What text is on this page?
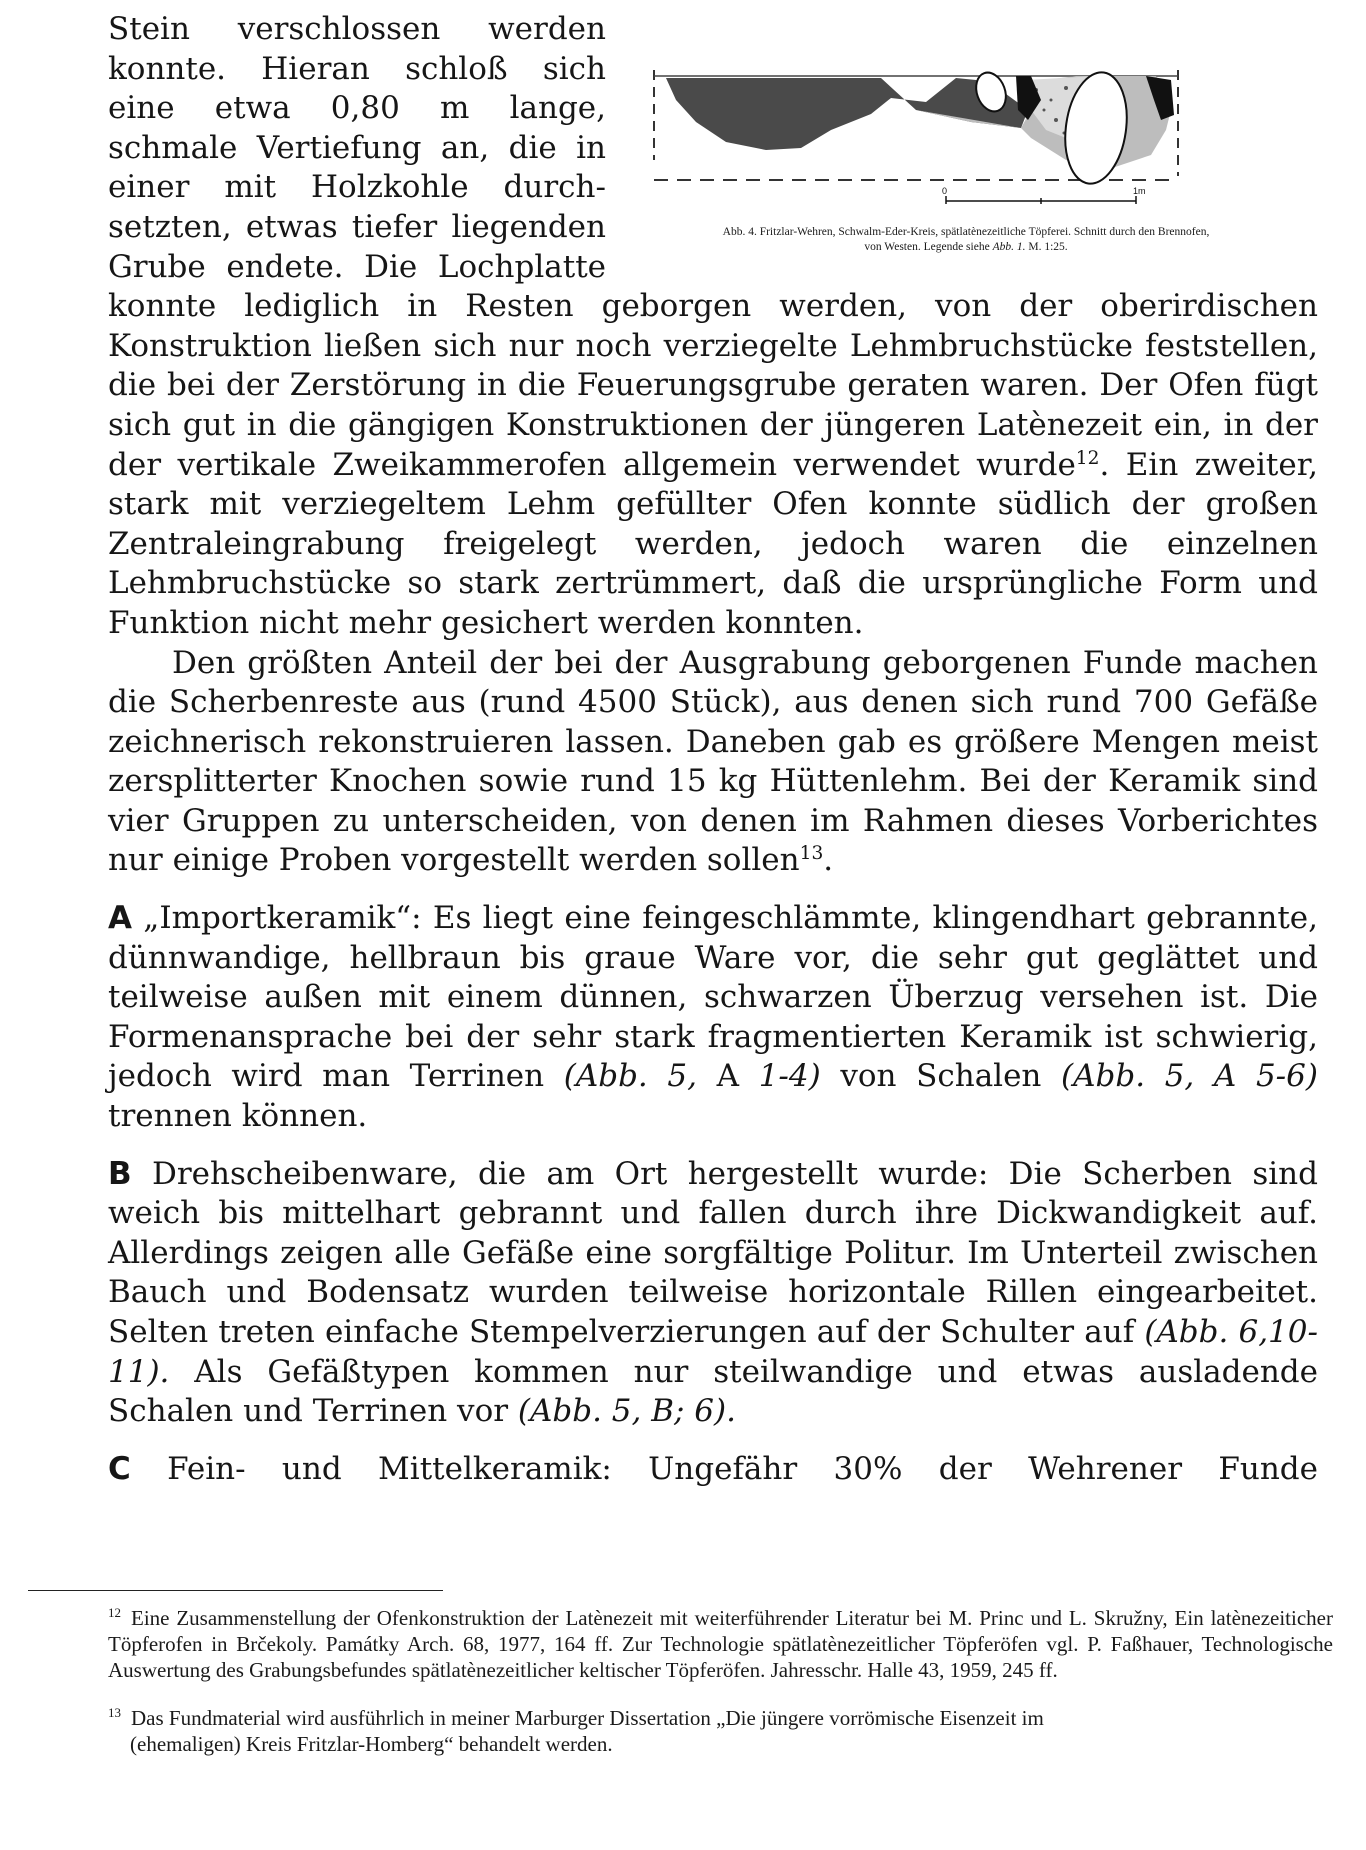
0	1m
Abb. 4. Fritzlar-Wehren, Schwalm-Eder-Kreis, spätlatènezeitliche Töpferei. Schnitt durch den Brennofen,
von Westen. Legende siehe Abb. 1. M. 1:25.

Stein verschlossen werden konnte. Hieran schloß sich eine etwa 0,80 m lange, schmale Vertiefung an, die in einer mit Holzkohle durchsetzten, etwas tiefer liegenden Grube endete. Die Lochplatte konnte lediglich in Resten geborgen werden, von der oberirdischen Konstruktion ließen sich nur noch verziegelte Lehmbruchstücke feststellen, die bei der Zerstörung in die Feuerungsgrube geraten waren. Der Ofen fügt sich gut in die gängigen Konstruktionen der jüngeren Latènezeit ein, in der der vertikale Zweikammerofen allgemein verwendet wurde$^{12}$. Ein zweiter, stark mit verziegeltem Lehm gefüllter Ofen konnte südlich der großen Zentraleingrabung freigelegt werden, jedoch waren die einzelnen Lehmbruchstücke so stark zertrümmert, daß die ursprüngliche Form und Funktion nicht mehr gesichert werden konnten.

Den größten Anteil der bei der Ausgrabung geborgenen Funde machen die Scherbenreste aus (rund 4500 Stück), aus denen sich rund 700 Gefäße zeichnerisch rekonstruieren lassen. Daneben gab es größere Mengen meist zersplitterter Knochen sowie rund 15 kg Hüttenlehm. Bei der Keramik sind vier Gruppen zu unterscheiden, von denen im Rahmen dieses Vorberichtes nur einige Proben vorgestellt werden sollen$^{13}$.

A „Importkeramik“: Es liegt eine feingeschlämmte, klingendhart gebrannte, dünnwandige, hellbraun bis graue Ware vor, die sehr gut geglättet und teilweise außen mit einem dünnen, schwarzen Überzug versehen ist. Die Formenansprache bei der sehr stark fragmentierten Keramik ist schwierig, jedoch wird man Terrinen (Abb. 5, A 1-4) von Schalen (Abb. 5, A 5-6) trennen können.

B Drehscheibenware, die am Ort hergestellt wurde: Die Scherben sind weich bis mittelhart gebrannt und fallen durch ihre Dickwandigkeit auf. Allerdings zeigen alle Gefäße eine sorgfältige Politur. Im Unterteil zwischen Bauch und Bodensatz wurden teilweise horizontale Rillen eingearbeitet. Selten treten einfache Stempelverzierungen auf der Schulter auf (Abb. 6,10-11). Als Gefäßtypen kommen nur steilwandige und etwas ausladende Schalen und Terrinen vor (Abb. 5, B; 6).

C Fein- und Mittelkeramik: Ungefähr 30% der Wehrener Funde

$^{12}$ Eine Zusammenstellung der Ofenkonstruktion der Latènezeit mit weiterführender Literatur bei M. Princ und L. Skružny, Ein latènezeiticher Töpferofen in Brčekoly. Památky Arch. 68, 1977, 164 ff. Zur Technologie spätlatènezeitlicher Töpferöfen vgl. P. Faßhauer, Technologische Auswertung des Grabungsbefundes spätlatènezeitlicher keltischer Töpferöfen. Jahresschr. Halle 43, 1959, 245 ff.

$^{13}$ Das Fundmaterial wird ausführlich in meiner Marburger Dissertation „Die jüngere vorrömische Eisenzeit im
(ehemaligen) Kreis Fritzlar-Homberg“ behandelt werden.
